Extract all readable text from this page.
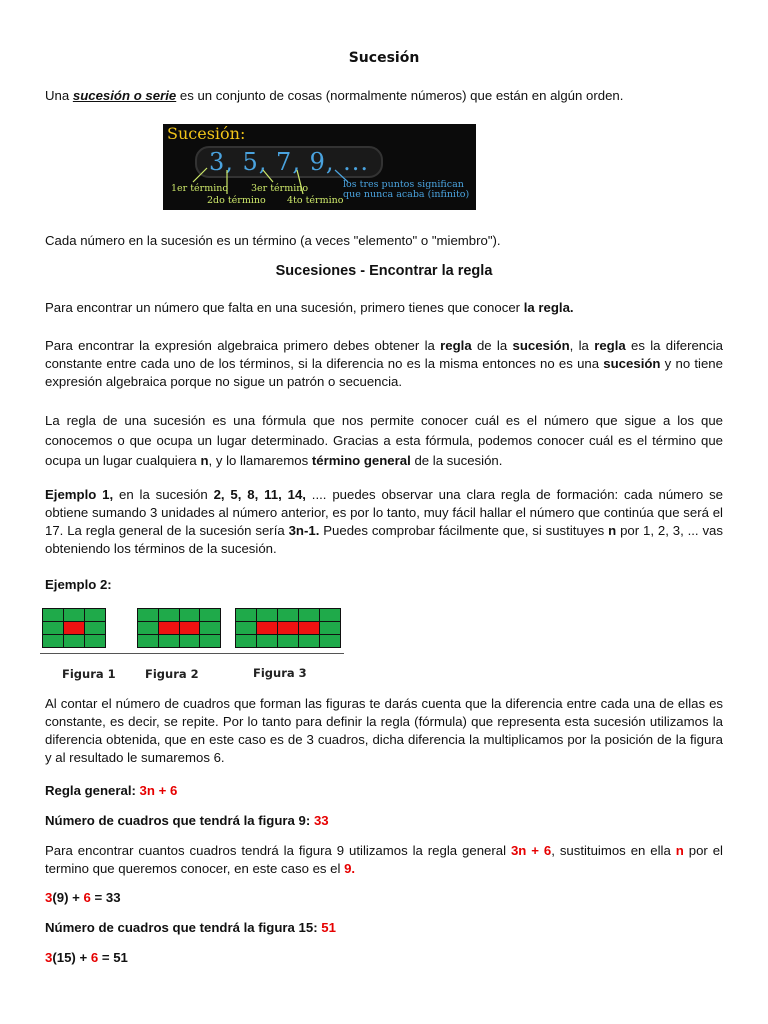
Sucesión
Una sucesión o serie es un conjunto de cosas (normalmente números) que están en algún orden.
Sucesión:
3, 5, 7, 9, ...
1er término
2do término
3er término
4to término
los tres puntos significan
que nunca acaba (infinito)
Cada número en la sucesión es un término (a veces "elemento" o "miembro").
Sucesiones - Encontrar la regla
Para encontrar un número que falta en una sucesión, primero tienes que conocer la regla.
Para encontrar la expresión algebraica primero debes obtener la regla de la sucesión, la regla es la diferencia constante entre cada uno de los términos, si la diferencia no es la misma entonces no es una sucesión y no tiene expresión algebraica porque no sigue un patrón o secuencia.
La regla de una sucesión es una fórmula que nos permite conocer cuál es el número que sigue a los que conocemos o que ocupa un lugar determinado. Gracias a esta fórmula, podemos conocer cuál es el término que ocupa un lugar cualquiera n, y lo llamaremos término general de la sucesión.
Ejemplo 1, en la sucesión 2, 5, 8, 11, 14, .... puedes observar una clara regla de formación: cada número se obtiene sumando 3 unidades al número anterior, es por lo tanto, muy fácil hallar el número que continúa que será el 17. La regla general de la sucesión sería 3n-1. Puedes comprobar fácilmente que, si sustituyes n por 1, 2, 3, ... vas obteniendo los términos de la sucesión.
Ejemplo 2:
Figura 1	Figura 2	Figura 3
Al contar el número de cuadros que forman las figuras te darás cuenta que la diferencia entre cada una de ellas es constante, es decir, se repite. Por lo tanto para definir la regla (fórmula) que representa esta sucesión utilizamos la diferencia obtenida, que en este caso es de 3 cuadros, dicha diferencia la multiplicamos por la posición de la figura y al resultado le sumaremos 6.
Regla general: 3n + 6
Número de cuadros que tendrá la figura 9: 33
Para encontrar cuantos cuadros tendrá la figura 9 utilizamos la regla general 3n + 6, sustituimos en ella n por el termino que queremos conocer, en este caso es el 9.
3(9) + 6 = 33
Número de cuadros que tendrá la figura 15: 51
3(15) + 6 = 51
